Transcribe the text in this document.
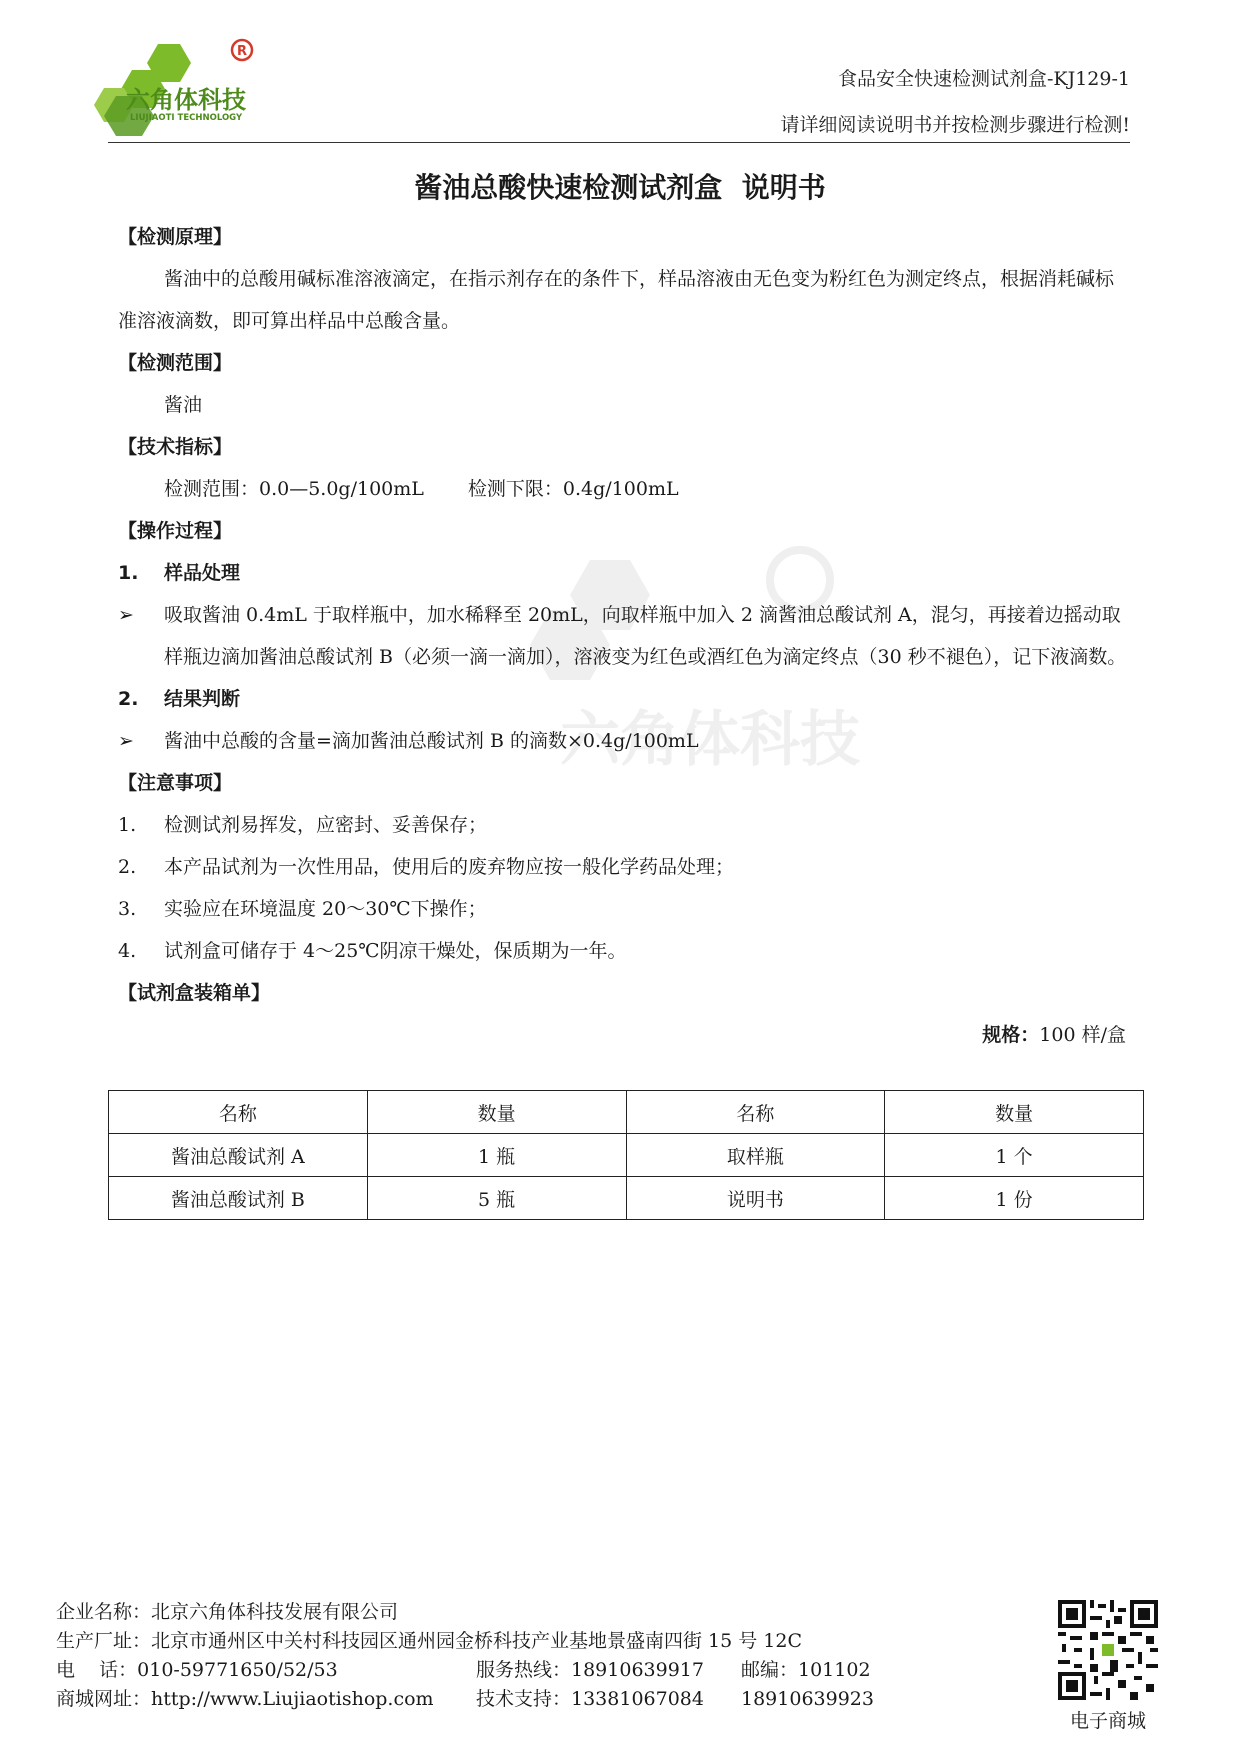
R
六角体科技
LIUJIAOTI TECHNOLOGY
食品安全快速检测试剂盒-KJ129-1
请详细阅读说明书并按检测步骤进行检测!
酱油总酸快速检测试剂盒  说明书
六角体科技
【检测原理】
酱油中的总酸用碱标准溶液滴定，在指示剂存在的条件下，样品溶液由无色变为粉红色为测定终点，根据消耗碱标准溶液滴数，即可算出样品中总酸含量。
【检测范围】
酱油
【技术指标】
检测范围：0.0—5.0g/100mL 检测下限：0.4g/100mL
【操作过程】
1.	样品处理
➢	吸取酱油 0.4mL 于取样瓶中，加水稀释至 20mL，向取样瓶中加入 2 滴酱油总酸试剂 A，混匀，再接着边摇动取样瓶边滴加酱油总酸试剂 B（必须一滴一滴加），溶液变为红色或酒红色为滴定终点（30 秒不褪色），记下液滴数。
2.	结果判断
➢	酱油中总酸的含量=滴加酱油总酸试剂 B 的滴数×0.4g/100mL
【注意事项】
1.	检测试剂易挥发，应密封、妥善保存；
2.	本产品试剂为一次性用品，使用后的废弃物应按一般化学药品处理；
3.	实验应在环境温度 20～30℃下操作；
4.	试剂盒可储存于 4～25℃阴凉干燥处，保质期为一年。
【试剂盒装箱单】
规格：100 样/盒
名称	数量	名称	数量
酱油总酸试剂 A	1 瓶	取样瓶	1 个
酱油总酸试剂 B	5 瓶	说明书	1 份
企业名称：北京六角体科技发展有限公司
生产厂址：北京市通州区中关村科技园区通州园金桥科技产业基地景盛南四街 15 号 12C
电    话：010-59771650/52/53	服务热线：18910639917 邮编：101102
商城网址：http://www.Liujiaotishop.com 技术支持：13381067084 18910639923
电子商城
